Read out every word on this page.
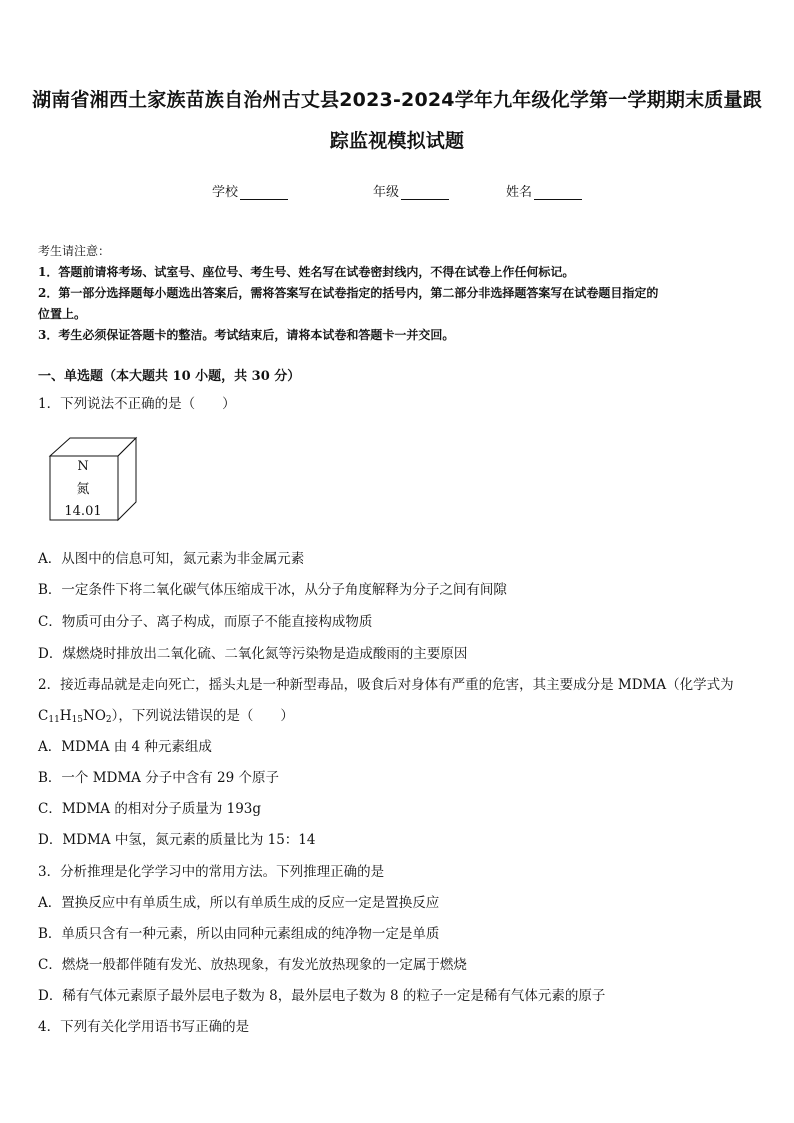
湖南省湘西土家族苗族自治州古丈县2023-2024学年九年级化学第一学期期末质量跟
踪监视模拟试题
学校	年级	姓名
考生请注意：
1．答题前请将考场、试室号、座位号、考生号、姓名写在试卷密封线内，不得在试卷上作任何标记。
2．第一部分选择题每小题选出答案后，需将答案写在试卷指定的括号内，第二部分非选择题答案写在试卷题目指定的
位置上。
3．考生必须保证答题卡的整洁。考试结束后，请将本试卷和答题卡一并交回。
一、单选题（本大题共 10 小题，共 30 分）
1．下列说法不正确的是（　　）
N
氮
14.01
A．从图中的信息可知，氮元素为非金属元素
B．一定条件下将二氧化碳气体压缩成干冰，从分子角度解释为分子之间有间隙
C．物质可由分子、离子构成，而原子不能直接构成物质
D．煤燃烧时排放出二氧化硫、二氧化氮等污染物是造成酸雨的主要原因
2．接近毒品就是走向死亡，摇头丸是一种新型毒品，吸食后对身体有严重的危害，其主要成分是 MDMA（化学式为
$C_{11}H_{15}NO_2$），下列说法错误的是（　　）
A．MDMA 由 4 种元素组成
B．一个 MDMA 分子中含有 29 个原子
C．MDMA 的相对分子质量为 193g
D．MDMA 中氢，氮元素的质量比为 15：14
3．分析推理是化学学习中的常用方法。下列推理正确的是
A．置换反应中有单质生成，所以有单质生成的反应一定是置换反应
B．单质只含有一种元素，所以由同种元素组成的纯净物一定是单质
C．燃烧一般都伴随有发光、放热现象，有发光放热现象的一定属于燃烧
D．稀有气体元素原子最外层电子数为 8，最外层电子数为 8 的粒子一定是稀有气体元素的原子
4．下列有关化学用语书写正确的是
